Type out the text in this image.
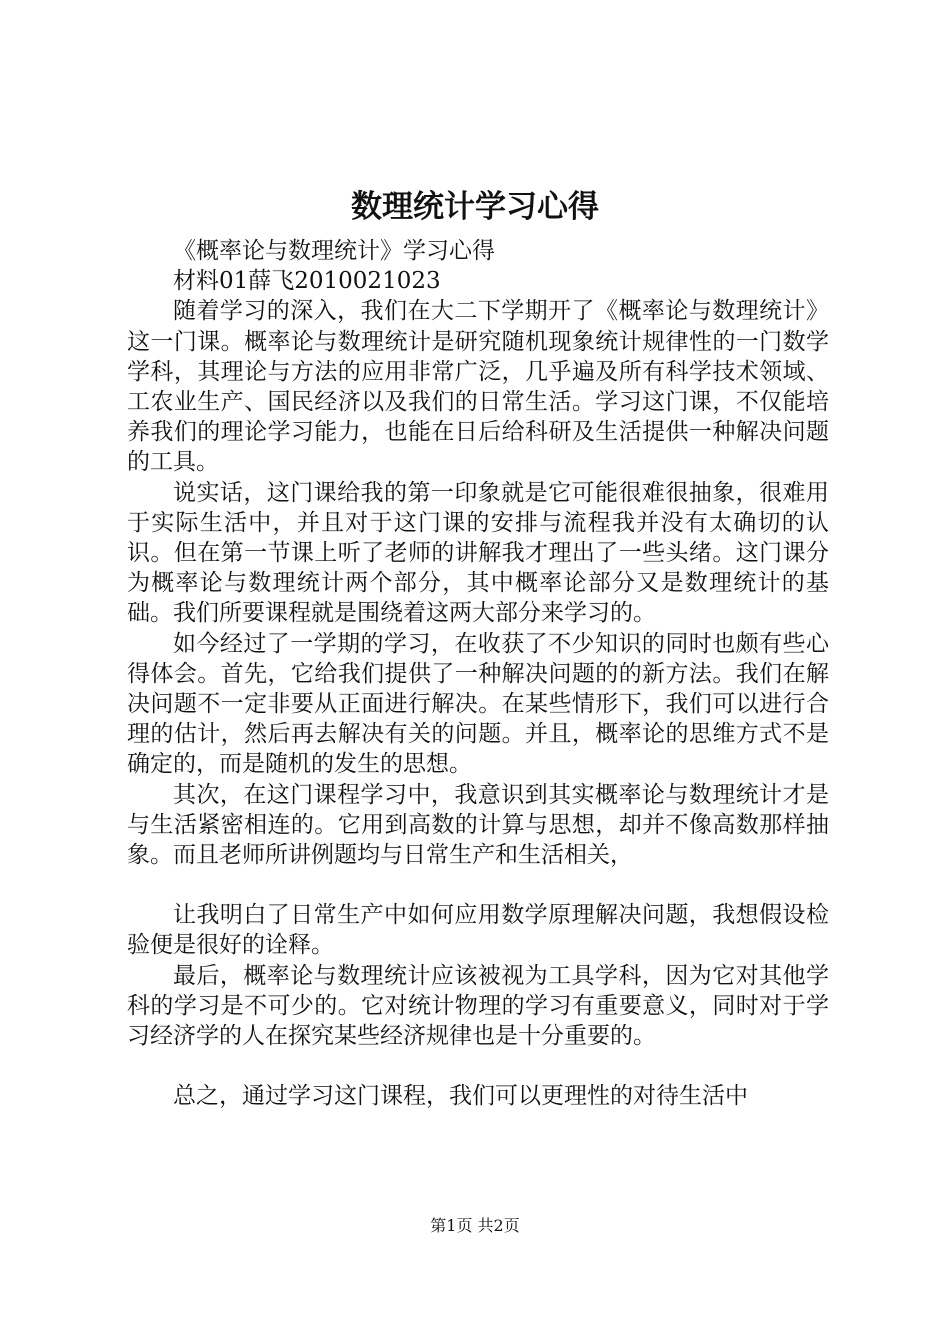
数理统计学习心得

《概率论与数理统计》学习心得

材料01薛飞2010021023

随着学习的深入，我们在大二下学期开了《概率论与数理统计》这一门课。概率论与数理统计是研究随机现象统计规律性的一门数学学科，其理论与方法的应用非常广泛，几乎遍及所有科学技术领域、工农业生产、国民经济以及我们的日常生活。学习这门课，不仅能培养我们的理论学习能力，也能在日后给科研及生活提供一种解决问题的工具。

说实话，这门课给我的第一印象就是它可能很难很抽象，很难用于实际生活中，并且对于这门课的安排与流程我并没有太确切的认识。但在第一节课上听了老师的讲解我才理出了一些头绪。这门课分为概率论与数理统计两个部分，其中概率论部分又是数理统计的基础。我们所要课程就是围绕着这两大部分来学习的。

如今经过了一学期的学习，在收获了不少知识的同时也颇有些心得体会。首先，它给我们提供了一种解决问题的的新方法。我们在解决问题不一定非要从正面进行解决。在某些情形下，我们可以进行合理的估计，然后再去解决有关的问题。并且，概率论的思维方式不是确定的，而是随机的发生的思想。

其次，在这门课程学习中，我意识到其实概率论与数理统计才是与生活紧密相连的。它用到高数的计算与思想，却并不像高数那样抽象。而且老师所讲例题均与日常生产和生活相关，

让我明白了日常生产中如何应用数学原理解决问题，我想假设检验便是很好的诠释。

最后，概率论与数理统计应该被视为工具学科，因为它对其他学科的学习是不可少的。它对统计物理的学习有重要意义，同时对于学习经济学的人在探究某些经济规律也是十分重要的。

总之，通过学习这门课程，我们可以更理性的对待生活中

第1页 共2页
